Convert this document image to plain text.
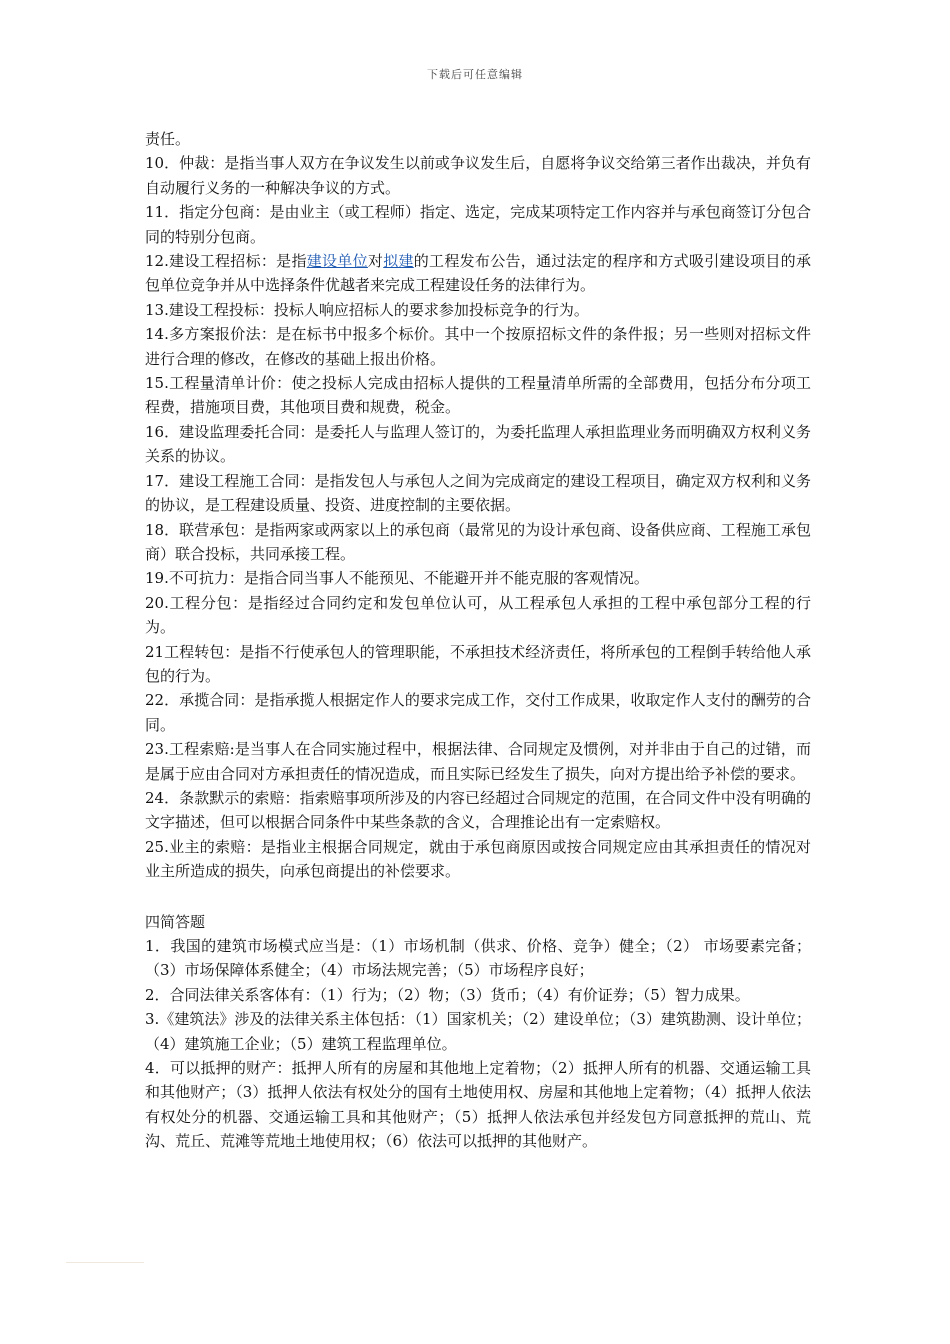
下载后可任意编辑

责任。

10．仲裁：是指当事人双方在争议发生以前或争议发生后，自愿将争议交给第三者作出裁决，并负有自动履行义务的一种解决争议的方式。

11．指定分包商：是由业主（或工程师）指定、选定，完成某项特定工作内容并与承包商签订分包合同的特别分包商。

12.建设工程招标：是指建设单位对拟建的工程发布公告，通过法定的程序和方式吸引建设项目的承包单位竞争并从中选择条件优越者来完成工程建设任务的法律行为。

13.建设工程投标：投标人响应招标人的要求参加投标竞争的行为。

14.多方案报价法：是在标书中报多个标价。其中一个按原招标文件的条件报；另一些则对招标文件进行合理的修改，在修改的基础上报出价格。

15.工程量清单计价：使之投标人完成由招标人提供的工程量清单所需的全部费用，包括分布分项工程费，措施项目费，其他项目费和规费，税金。

16．建设监理委托合同：是委托人与监理人签订的，为委托监理人承担监理业务而明确双方权利义务关系的协议。

17．建设工程施工合同：是指发包人与承包人之间为完成商定的建设工程项目，确定双方权利和义务的协议，是工程建设质量、投资、进度控制的主要依据。

18．联营承包：是指两家或两家以上的承包商（最常见的为设计承包商、设备供应商、工程施工承包商）联合投标，共同承接工程。

19.不可抗力：是指合同当事人不能预见、不能避开并不能克服的客观情况。

20.工程分包：是指经过合同约定和发包单位认可，从工程承包人承担的工程中承包部分工程的行为。

21工程转包：是指不行使承包人的管理职能，不承担技术经济责任，将所承包的工程倒手转给他人承包的行为。

22．承揽合同：是指承揽人根据定作人的要求完成工作，交付工作成果，收取定作人支付的酬劳的合同。

23.工程索赔:是当事人在合同实施过程中，根据法律、合同规定及惯例，对并非由于自己的过错，而是属于应由合同对方承担责任的情况造成，而且实际已经发生了损失，向对方提出给予补偿的要求。

24．条款默示的索赔：指索赔事项所涉及的内容已经超过合同规定的范围，在合同文件中没有明确的文字描述，但可以根据合同条件中某些条款的含义，合理推论出有一定索赔权。

25.业主的索赔：是指业主根据合同规定，就由于承包商原因或按合同规定应由其承担责任的情况对业主所造成的损失，向承包商提出的补偿要求。

四简答题

1．我国的建筑市场模式应当是：（1）市场机制（供求、价格、竞争）健全；（2） 市场要素完备；（3）市场保障体系健全；（4）市场法规完善；（5）市场程序良好；

2．合同法律关系客体有：（1）行为；（2）物；（3）货币；（4）有价证券；（5）智力成果。

3.《建筑法》涉及的法律关系主体包括：（1）国家机关；（2）建设单位；（3）建筑勘测、设计单位；（4）建筑施工企业；（5）建筑工程监理单位。

4．可以抵押的财产：抵押人所有的房屋和其他地上定着物；（2）抵押人所有的机器、交通运输工具和其他财产；（3）抵押人依法有权处分的国有土地使用权、房屋和其他地上定着物；（4）抵押人依法有权处分的机器、交通运输工具和其他财产；（5）抵押人依法承包并经发包方同意抵押的荒山、荒沟、荒丘、荒滩等荒地土地使用权；（6）依法可以抵押的其他财产。
